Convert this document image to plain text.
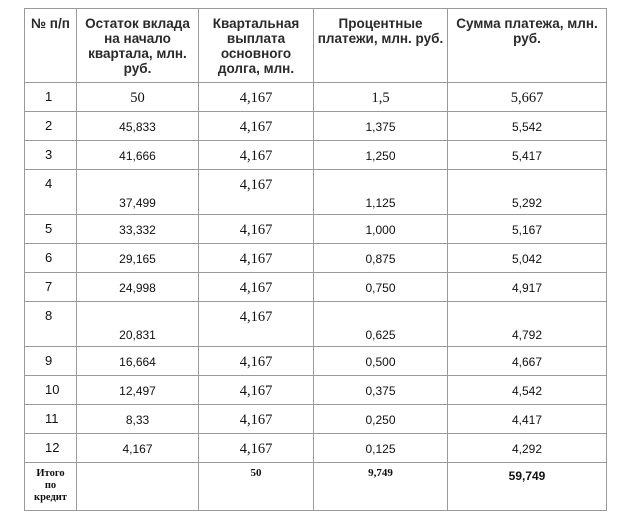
№ п/п	Остаток вклада на начало квартала, млн. руб.	Квартальная выплата основного долга, млн.	Процентные платежи, млн. руб.	Сумма платежа, млн. руб.
1	50	4,167	1,5	5,667
2	45,833	4,167	1,375	5,542
3	41,666	4,167	1,250	5,417
4	37,499	4,167	1,125	5,292
5	33,332	4,167	1,000	5,167
6	29,165	4,167	0,875	5,042
7	24,998	4,167	0,750	4,917
8	20,831	4,167	0,625	4,792
9	16,664	4,167	0,500	4,667
10	12,497	4,167	0,375	4,542
11	8,33	4,167	0,250	4,417
12	4,167	4,167	0,125	4,292

Итого
по
кредит		50	9,749	59,749
